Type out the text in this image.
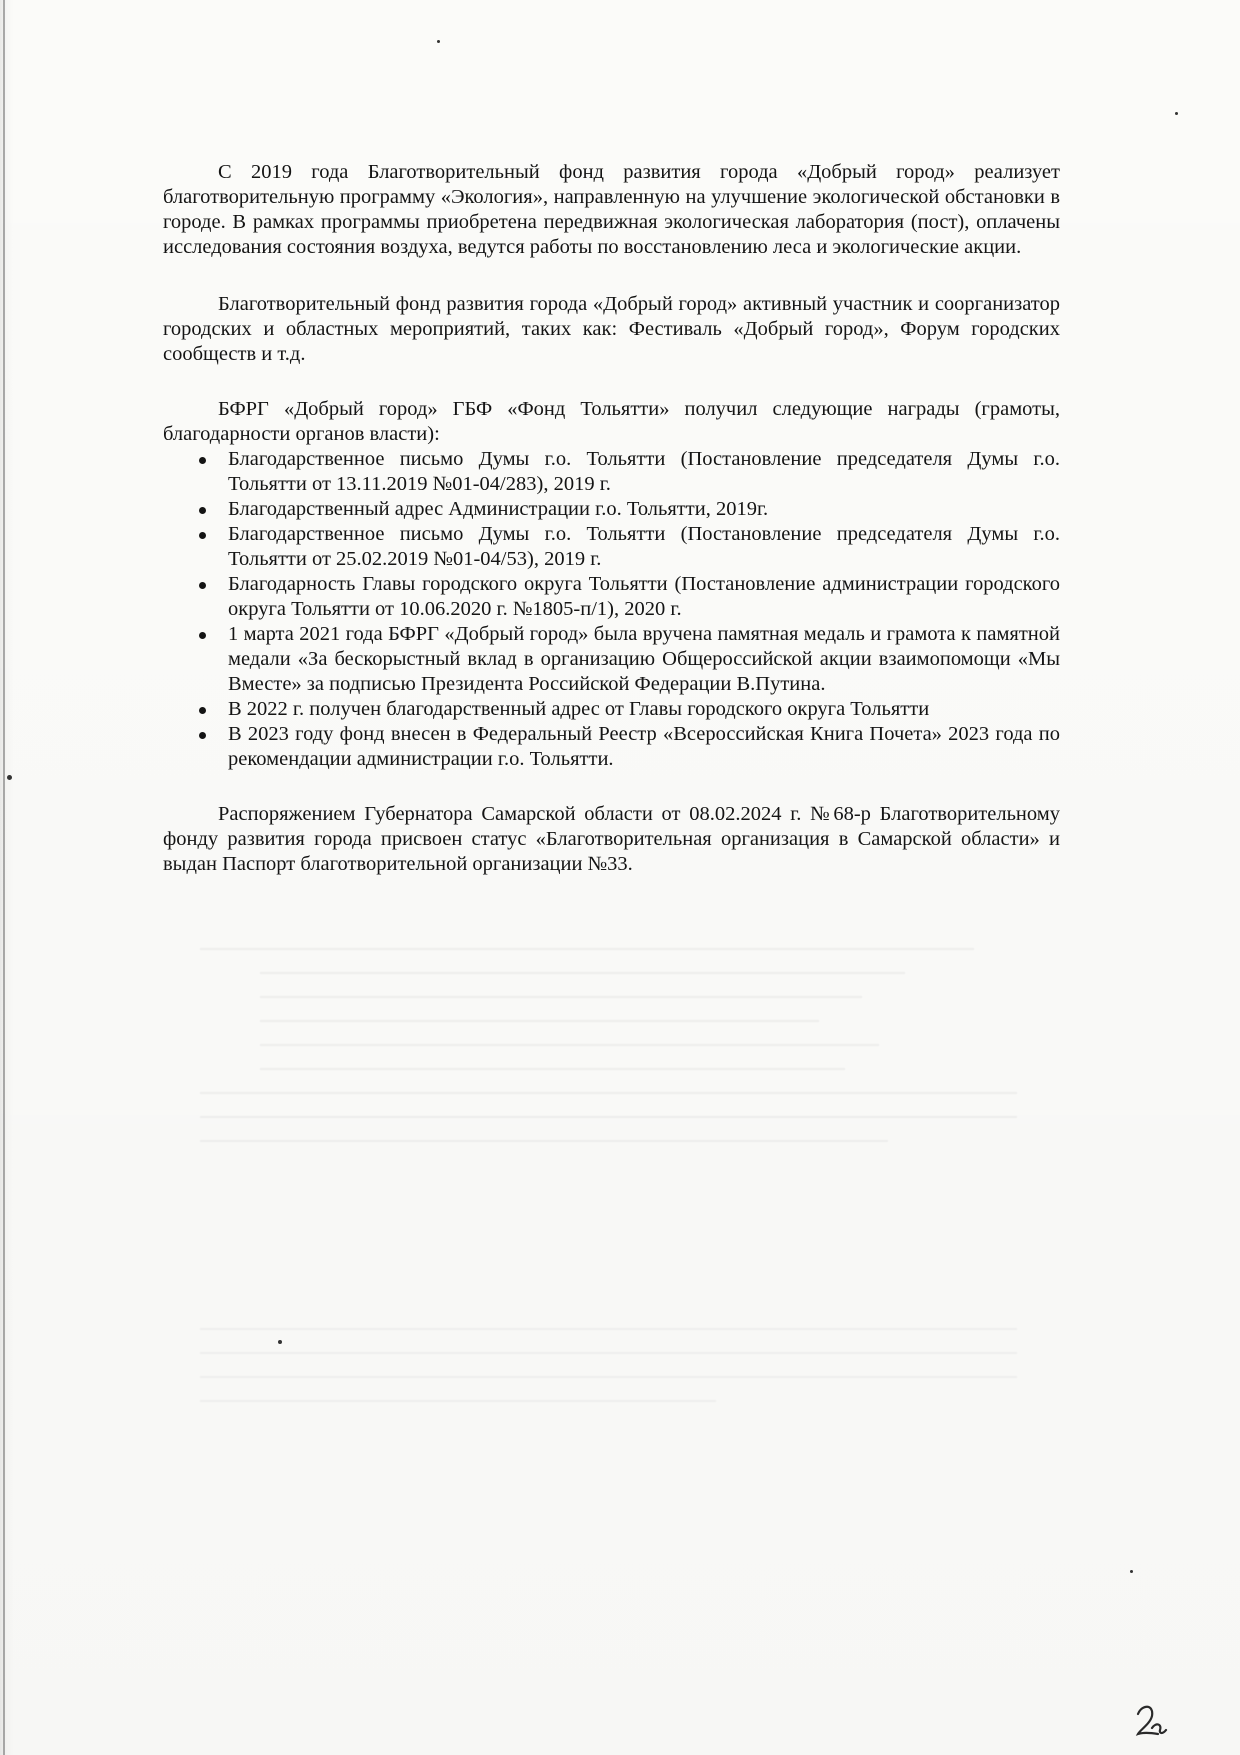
С 2019 года Благотворительный фонд развития города «Добрый город» реализует благотворительную программу «Экология», направленную на улучшение экологической обстановки в городе. В рамках программы приобретена передвижная экологическая лаборатория (пост), оплачены исследования состояния воздуха, ведутся работы по восстановлению леса и экологические акции.

Благотворительный фонд развития города «Добрый город» активный участник и соорганизатор городских и областных мероприятий, таких как: Фестиваль «Добрый город», Форум городских сообществ и т.д.

БФРГ «Добрый город» ГБФ «Фонд Тольятти» получил следующие награды (грамоты, благодарности органов власти):

Благодарственное письмо Думы г.о. Тольятти (Постановление председателя Думы г.о. Тольятти от 13.11.2019 №01-04/283), 2019 г.
Благодарственный адрес Администрации г.о. Тольятти, 2019г.
Благодарственное письмо Думы г.о. Тольятти (Постановление председателя Думы г.о. Тольятти от 25.02.2019 №01-04/53), 2019 г.
Благодарность Главы городского округа Тольятти (Постановление администрации городского округа Тольятти от 10.06.2020 г. №1805-п/1), 2020 г.
1 марта 2021 года БФРГ «Добрый город» была вручена памятная медаль и грамота к памятной медали «За бескорыстный вклад в организацию Общероссийской акции взаимопомощи «Мы Вместе» за подписью Президента Российской Федерации В.Путина.
В 2022 г. получен благодарственный адрес от Главы городского округа Тольятти
В 2023 году фонд внесен в Федеральный Реестр «Всероссийская Книга Почета» 2023 года по рекомендации администрации г.о. Тольятти.

Распоряжением Губернатора Самарской области от 08.02.2024 г. №68-р Благотворительному фонду развития города присвоен статус «Благотворительная организация в Самарской области» и выдан Паспорт благотворительной организации №33.
